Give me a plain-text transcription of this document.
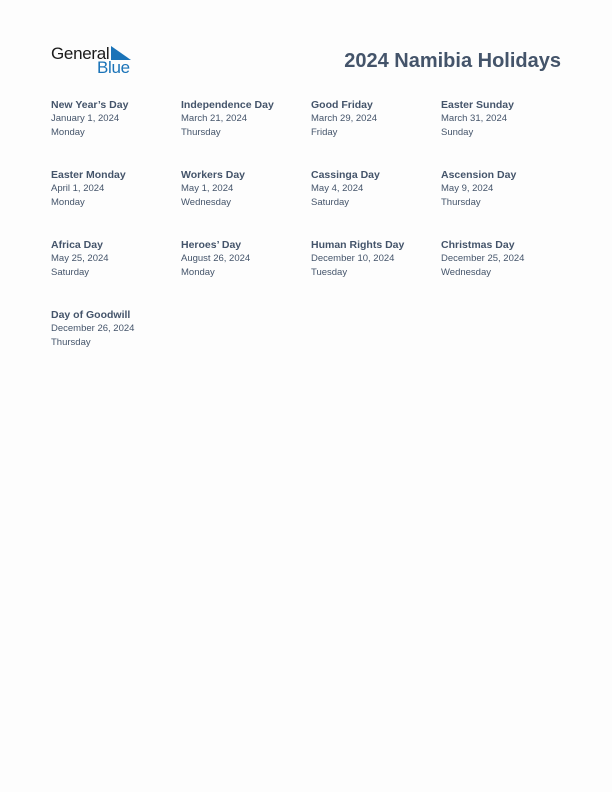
General
Blue	2024 Namibia Holidays
New Year’s Day
January 1, 2024
Monday
Independence Day
March 21, 2024
Thursday
Good Friday
March 29, 2024
Friday
Easter Sunday
March 31, 2024
Sunday
Easter Monday
April 1, 2024
Monday
Workers Day
May 1, 2024
Wednesday
Cassinga Day
May 4, 2024
Saturday
Ascension Day
May 9, 2024
Thursday
Africa Day
May 25, 2024
Saturday
Heroes’ Day
August 26, 2024
Monday
Human Rights Day
December 10, 2024
Tuesday
Christmas Day
December 25, 2024
Wednesday
Day of Goodwill
December 26, 2024
Thursday
